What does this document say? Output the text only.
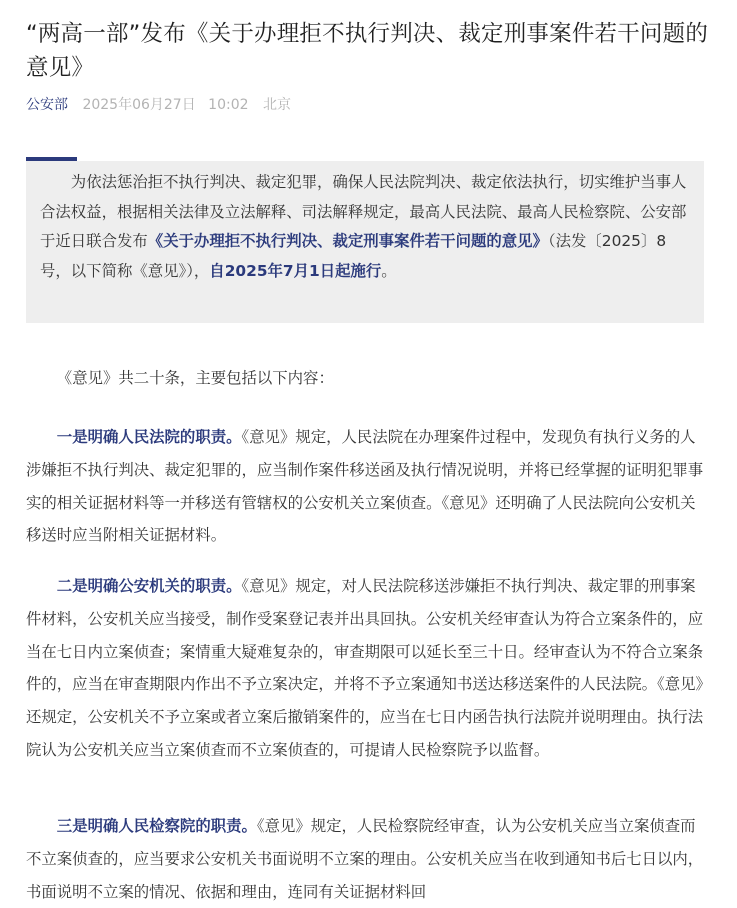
“两高一部”发布《关于办理拒不执行判决、裁定刑事案件若干问题的意见》
公安部 2025年06月27日 10:02 北京

为依法惩治拒不执行判决、裁定犯罪，确保人民法院判决、裁定依法执行，切实维护当事人合法权益，根据相关法律及立法解释、司法解释规定，最高人民法院、最高人民检察院、公安部于近日联合发布《关于办理拒不执行判决、裁定刑事案件若干问题的意见》（法发〔2025〕8号，以下简称《意见》），自2025年7月1日起施行。

《意见》共二十条，主要包括以下内容：

一是明确人民法院的职责。《意见》规定，人民法院在办理案件过程中，发现负有执行义务的人涉嫌拒不执行判决、裁定犯罪的，应当制作案件移送函及执行情况说明，并将已经掌握的证明犯罪事实的相关证据材料等一并移送有管辖权的公安机关立案侦查。《意见》还明确了人民法院向公安机关移送时应当附相关证据材料。

二是明确公安机关的职责。《意见》规定，对人民法院移送涉嫌拒不执行判决、裁定罪的刑事案件材料，公安机关应当接受，制作受案登记表并出具回执。公安机关经审查认为符合立案条件的，应当在七日内立案侦查；案情重大疑难复杂的，审查期限可以延长至三十日。经审查认为不符合立案条件的，应当在审查期限内作出不予立案决定，并将不予立案通知书送达移送案件的人民法院。《意见》还规定，公安机关不予立案或者立案后撤销案件的，应当在七日内函告执行法院并说明理由。执行法院认为公安机关应当立案侦查而不立案侦查的，可提请人民检察院予以监督。

三是明确人民检察院的职责。《意见》规定，人民检察院经审查，认为公安机关应当立案侦查而不立案侦查的，应当要求公安机关书面说明不立案的理由。公安机关应当在收到通知书后七日以内，书面说明不立案的情况、依据和理由，连同有关证据材料回
